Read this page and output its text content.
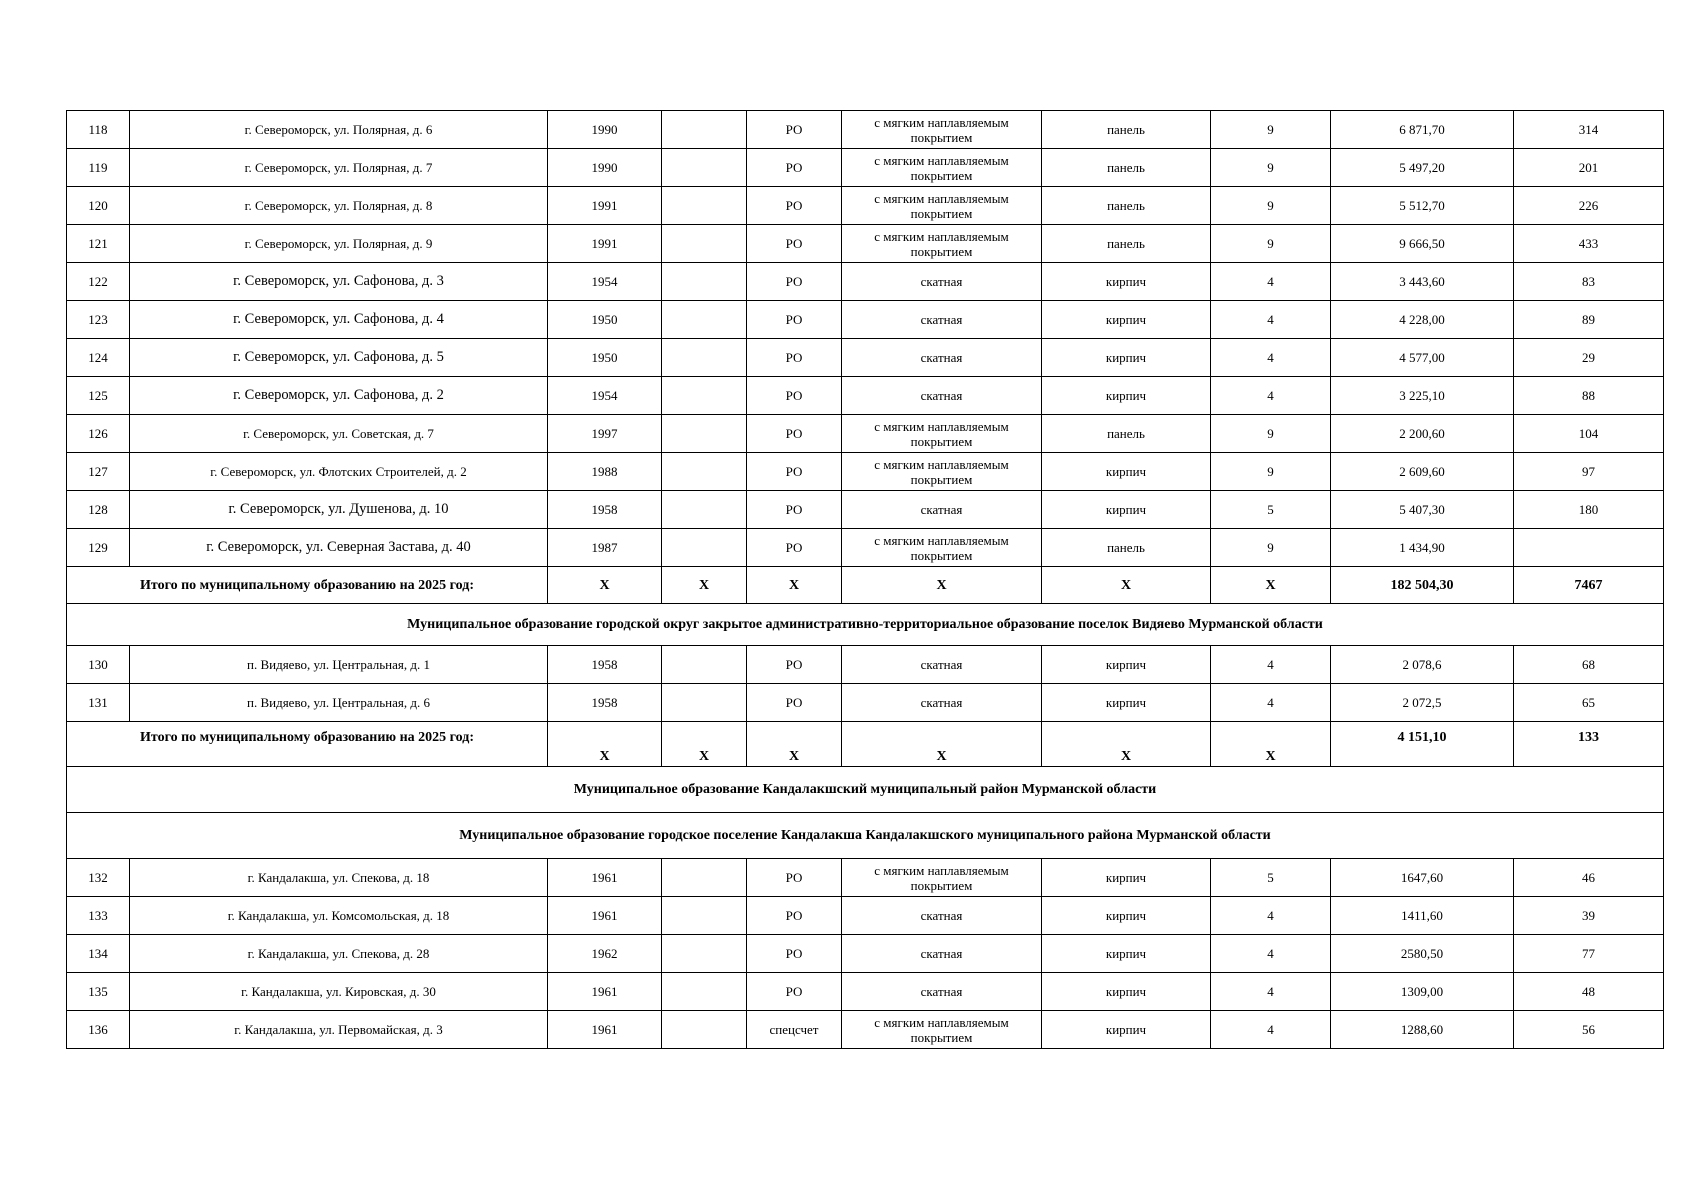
118	г. Североморск, ул. Полярная, д. 6	1990		РО	с мягким наплавляемым покрытием	панель	9	6 871,70	314
119	г. Североморск, ул. Полярная, д. 7	1990		РО	с мягким наплавляемым покрытием	панель	9	5 497,20	201
120	г. Североморск, ул. Полярная, д. 8	1991		РО	с мягким наплавляемым покрытием	панель	9	5 512,70	226
121	г. Североморск, ул. Полярная, д. 9	1991		РО	с мягким наплавляемым покрытием	панель	9	9 666,50	433
122	г. Североморск, ул. Сафонова, д. 3	1954		РО	скатная	кирпич	4	3 443,60	83
123	г. Североморск, ул. Сафонова, д. 4	1950		РО	скатная	кирпич	4	4 228,00	89
124	г. Североморск, ул. Сафонова, д. 5	1950		РО	скатная	кирпич	4	4 577,00	29
125	г. Североморск, ул. Сафонова, д. 2	1954		РО	скатная	кирпич	4	3 225,10	88
126	г. Североморск, ул. Советская, д. 7	1997		РО	с мягким наплавляемым покрытием	панель	9	2 200,60	104
127	г. Североморск, ул. Флотских Строителей, д. 2	1988		РО	с мягким наплавляемым покрытием	кирпич	9	2 609,60	97
128	г. Североморск, ул. Душенова, д. 10	1958		РО	скатная	кирпич	5	5 407,30	180
129	г. Североморск, ул. Северная Застава, д. 40	1987		РО	с мягким наплавляемым покрытием	панель	9	1 434,90	
Итого по муниципальному образованию на 2025 год:		X	X	X	X	X	X	182 504,30	7467
Муниципальное образование городской округ закрытое административно-территориальное образование поселок Видяево Мурманской области									
130	п. Видяево, ул. Центральная, д. 1	1958		РО	скатная	кирпич	4	2 078,6	68
131	п. Видяево, ул. Центральная, д. 6	1958		РО	скатная	кирпич	4	2 072,5	65
Итого по муниципальному образованию на 2025 год:		X	X	X	X	X	X	4 151,10	133
Муниципальное образование Кандалакшский муниципальный район Мурманской области									
Муниципальное образование городское поселение Кандалакша Кандалакшского муниципального района Мурманской области									
132	г. Кандалакша, ул. Спекова, д. 18	1961		РО	с мягким наплавляемым покрытием	кирпич	5	1647,60	46
133	г. Кандалакша, ул. Комсомольская, д. 18	1961		РО	скатная	кирпич	4	1411,60	39
134	г. Кандалакша, ул. Спекова, д. 28	1962		РО	скатная	кирпич	4	2580,50	77
135	г. Кандалакша, ул. Кировская, д. 30	1961		РО	скатная	кирпич	4	1309,00	48
136	г. Кандалакша, ул. Первомайская, д. 3	1961		спецсчет	с мягким наплавляемым покрытием	кирпич	4	1288,60	56
